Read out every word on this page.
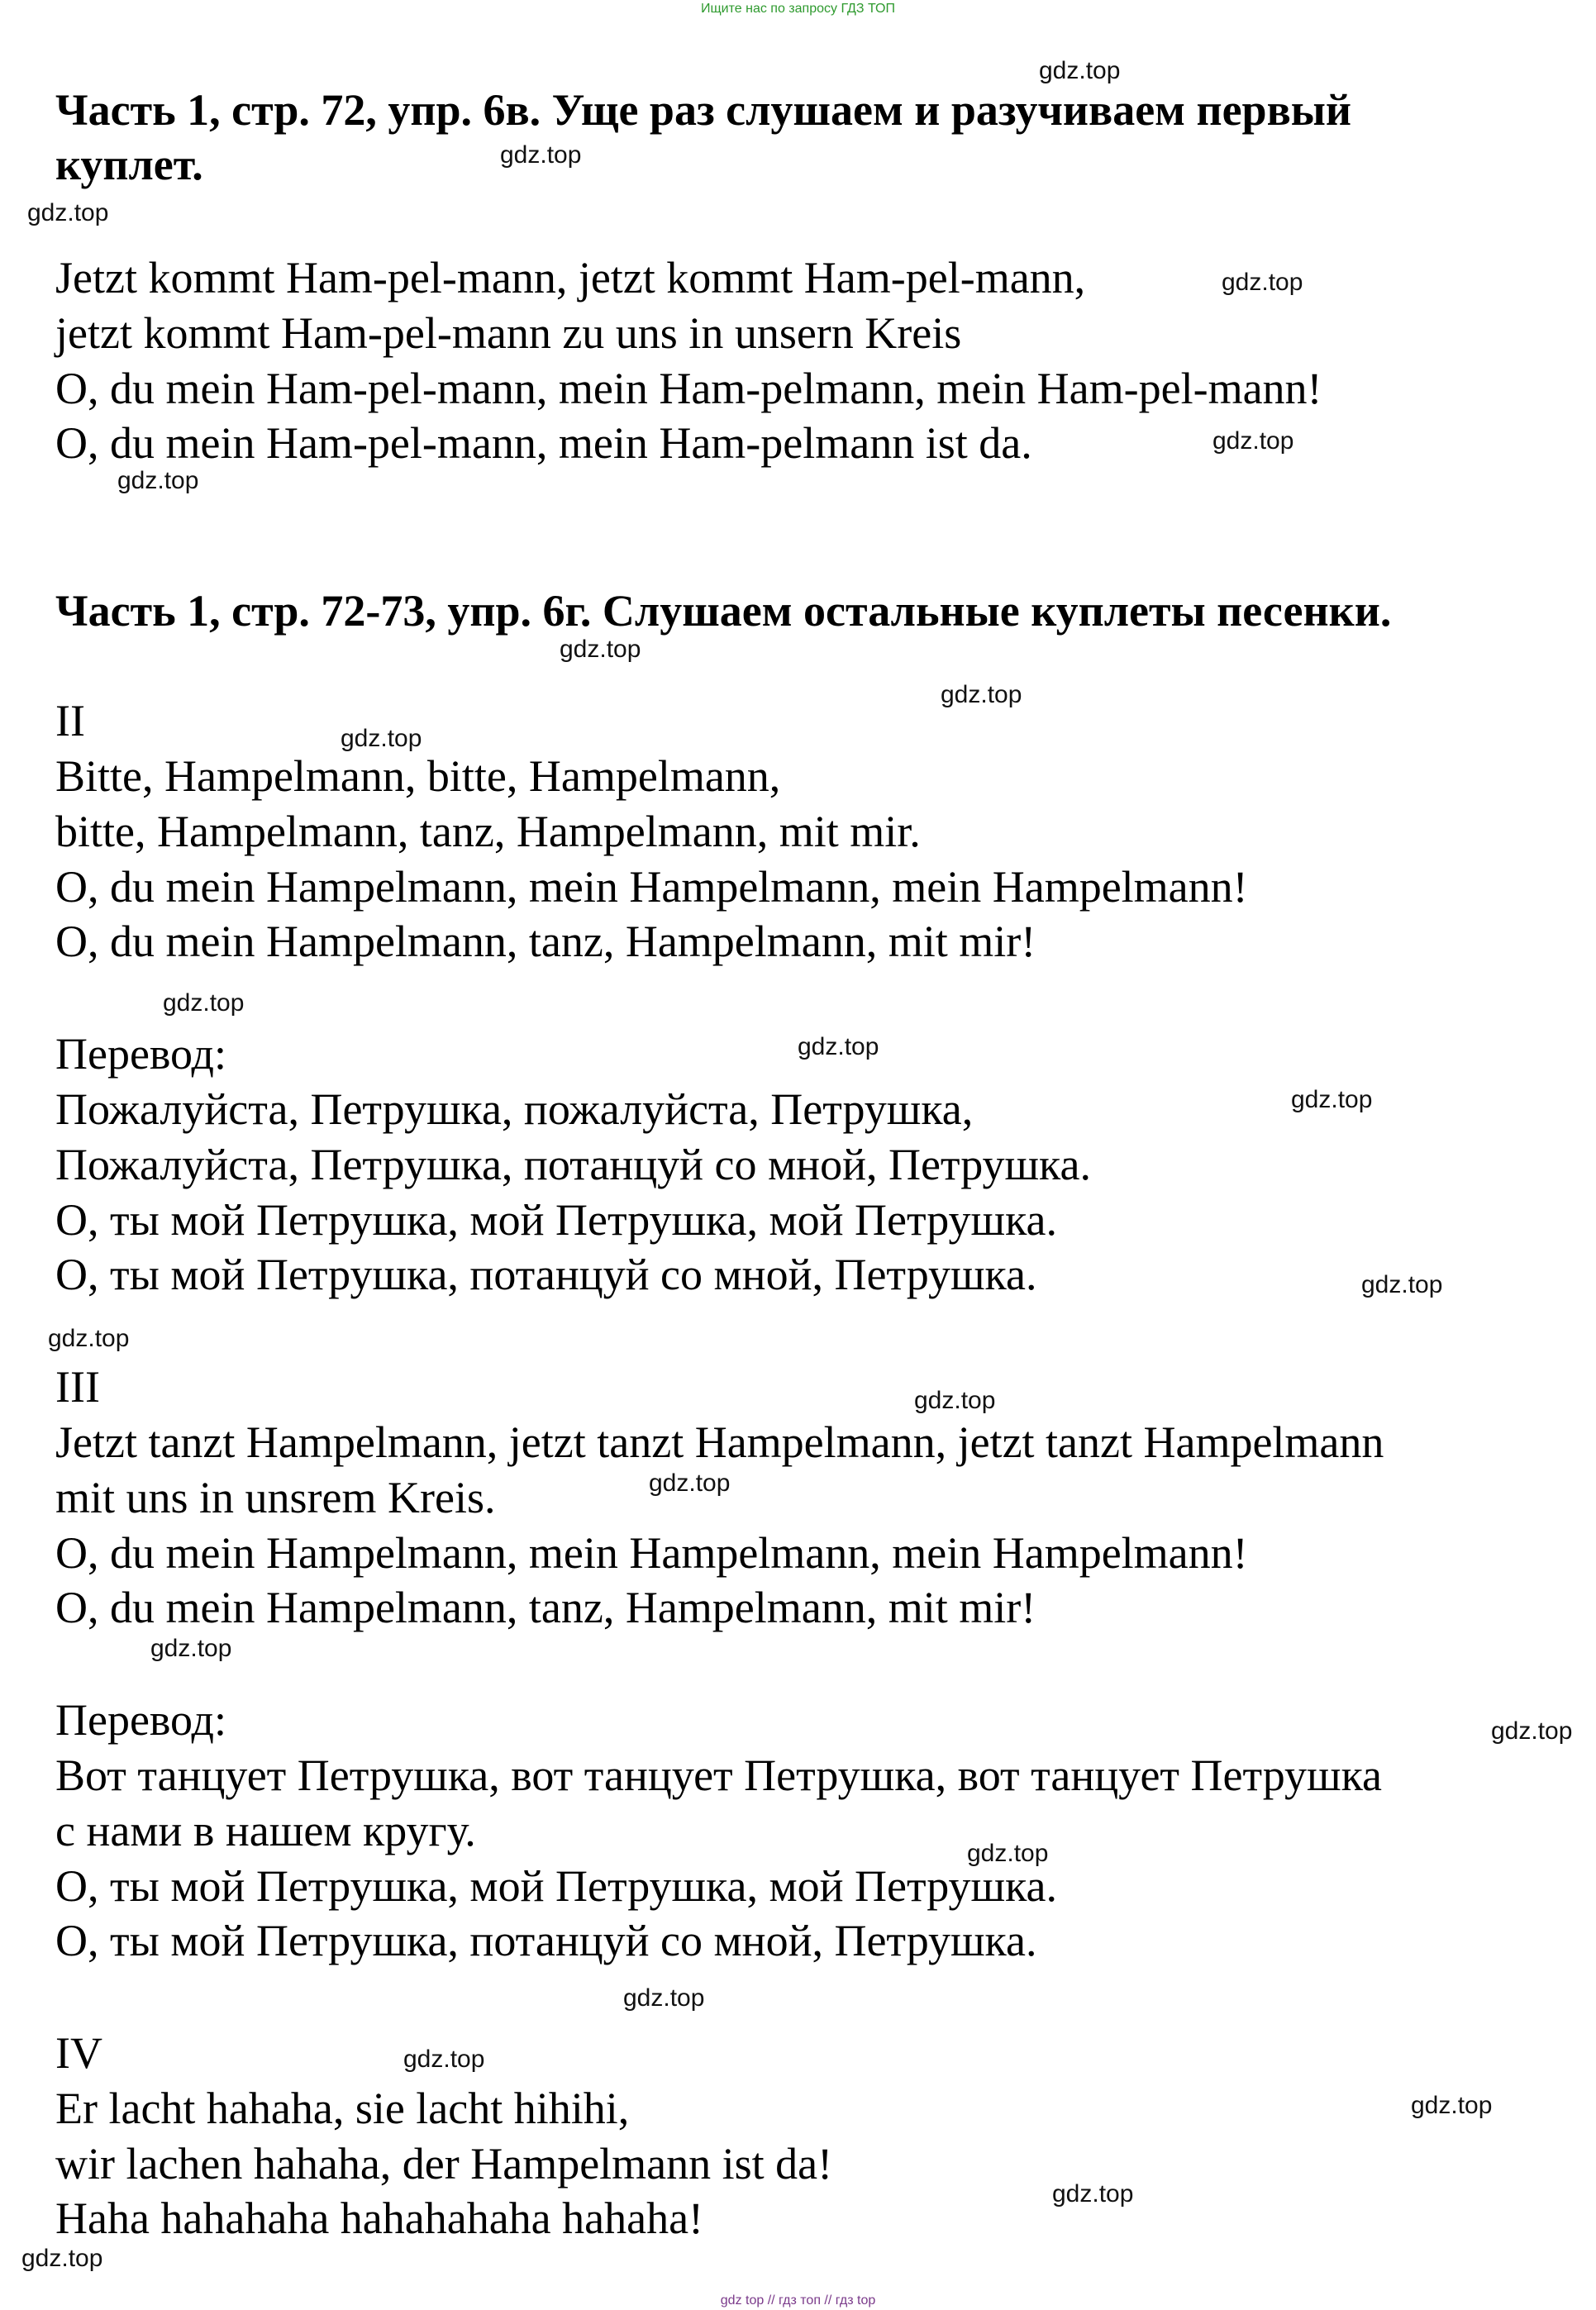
Ищите нас по запросу ГДЗ ТОП

Часть 1, стр. 72, упр. 6в. Уще раз слушаем и разучиваем первый

куплет.

Jetzt kommt Ham-pel-mann, jetzt kommt Ham-pel-mann,

jetzt kommt Ham-pel-mann zu uns in unsern Kreis

O, du mein Ham-pel-mann, mein Ham-pelmann, mein Ham-pel-mann!

O, du mein Ham-pel-mann, mein Ham-pelmann ist da.

Часть 1, стр. 72-73, упр. 6г. Слушаем остальные куплеты песенки.

II

Bitte, Hampelmann, bitte, Hampelmann,

bitte, Hampelmann, tanz, Hampelmann, mit mir.

O, du mein Hampelmann, mein Hampelmann, mein Hampelmann!

O, du mein Hampelmann, tanz, Hampelmann, mit mir!

Перевод:

Пожалуйста, Петрушка, пожалуйста, Петрушка,

Пожалуйста, Петрушка, потанцуй со мной, Петрушка.

О, ты мой Петрушка, мой Петрушка, мой Петрушка.

О, ты мой Петрушка, потанцуй со мной, Петрушка.

III

Jetzt tanzt Hampelmann, jetzt tanzt Hampelmann, jetzt tanzt Hampelmann

mit uns in unsrem Kreis.

O, du mein Hampelmann, mein Hampelmann, mein Hampelmann!

O, du mein Hampelmann, tanz, Hampelmann, mit mir!

Перевод:

Вот танцует Петрушка, вот танцует Петрушка, вот танцует Петрушка

с нами в нашем кругу.

О, ты мой Петрушка, мой Петрушка, мой Петрушка.

О, ты мой Петрушка, потанцуй со мной, Петрушка.

IV

Er lacht hahaha, sie lacht hihihi,

wir lachen hahaha, der Hampelmann ist da!

Haha hahahaha hahahahaha hahaha!

gdz.top

gdz.top

gdz.top

gdz.top

gdz.top

gdz.top

gdz.top

gdz.top

gdz.top

gdz.top

gdz.top

gdz.top

gdz.top

gdz.top

gdz.top

gdz.top

gdz.top

gdz.top

gdz.top

gdz.top

gdz.top

gdz.top

gdz.top

gdz.top

gdz top // гдз топ // гдз top
